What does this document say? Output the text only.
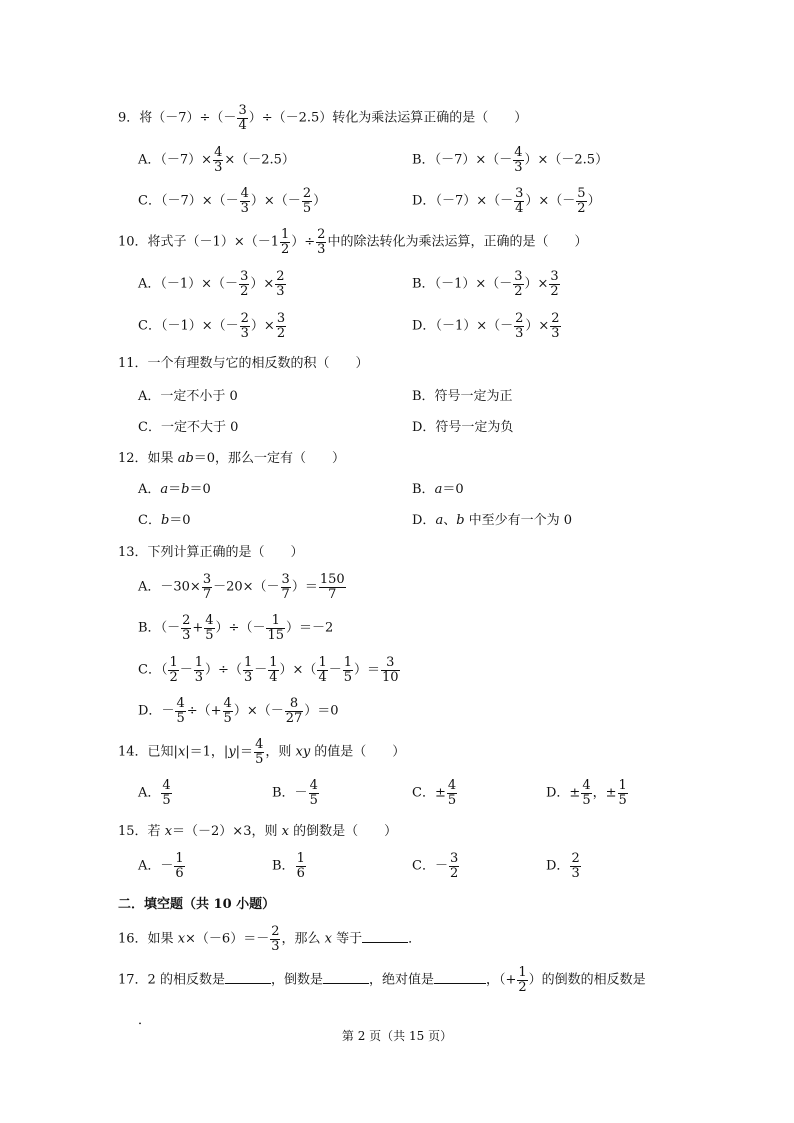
9．将$(-7)\div(- \frac{3}{4} )\div(-2.5)$转化为乘法运算正确的是（　　）
A．$(-7)\times \frac{4}{3} \times(-2.5)$	B．$(-7)\times(- \frac{4}{3} )\times(-2.5)$
C．$(-7)\times(- \frac{4}{3}$ ）×（－ $\frac{2}{5}$ ）	D．$(-7)\times(- \frac{3}{4}$ ）×（－ $\frac{5}{2}$ ）
10．将式子$(-1)\times(-1 \frac{1}{2}$ ）÷ $\frac{2}{3}$ 中的除法转化为乘法运算，正确的是（　　）
A．$(-1)\times(- \frac{3}{2}$ ）× $\frac{2}{3}$	B．$(-1)\times(- \frac{3}{2}$ ）× $\frac{3}{2}$
C．$(-1)\times(- \frac{2}{3}$ ）× $\frac{3}{2}$	D．$(-1)\times(- \frac{2}{3}$ ）× $\frac{2}{3}$
11．一个有理数与它的相反数的积（　　）
A．一定不小于 0	B．符号一定为正
C．一定不大于 0	D．符号一定为负
12．如果 ab＝0，那么一定有（　　）
A．a＝b＝0	B．a＝0
C．b＝0	D．a、b 中至少有一个为 0
13．下列计算正确的是（　　）
A．$-30\times \frac{3}{7} -20\times(- \frac{3}{7}$ ）＝ $\frac{150}{7}$
B．（－ $\frac{2}{3} + \frac{4}{5}$ ）÷（－ $\frac{1}{15} )=-2$
C．（ $\frac{1}{2} - \frac{1}{3}$ ）÷（ $\frac{1}{3} - \frac{1}{4}$ ）×（ $\frac{1}{4} - \frac{1}{5}$ ）＝ $\frac{3}{10}$
D．－ $\frac{4}{5}$ ÷（+ $\frac{4}{5}$ ）×（－ $\frac{8}{27} )=0$
14．已知|x|＝1，$|y|= \frac{4}{5}$ ，则 xy 的值是（　　）
A． $\frac{4}{5}$	B．－ $\frac{4}{5}$	C．± $\frac{4}{5}$	D．± $\frac{4}{5}$ ，± $\frac{1}{5}$
15．若 x＝（－2）×3，则 x 的倒数是（　　）
A．－ $\frac{1}{6}$	B． $\frac{1}{6}$	C．－ $\frac{3}{2}$	D． $\frac{2}{3}$
二．填空题（共 10 小题）
16．如果 $x\times(-6)=- \frac{2}{3}$ ，那么 x 等于	．
17．2 的相反数是	，倒数是	，绝对值是	，（+ $\frac{1}{2}$ ）的倒数的相反数是
．
第 2 页（共 15 页）
